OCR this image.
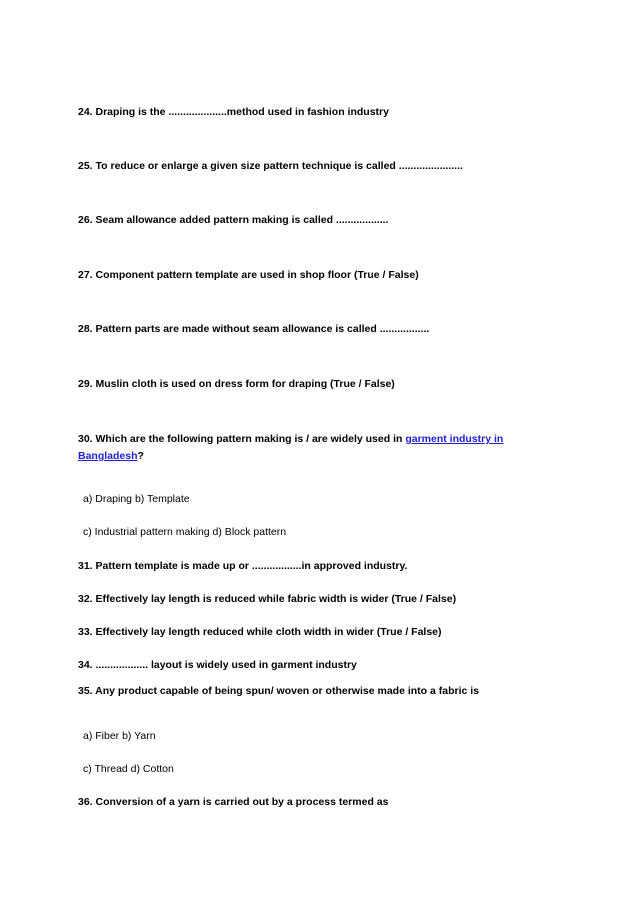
24. Draping is the ....................method used in fashion industry
25. To reduce or enlarge a given size pattern technique is called ......................
26. Seam allowance added pattern making is called ..................
27. Component pattern template are used in shop floor (True / False)
28. Pattern parts are made without seam allowance is called .................
29. Muslin cloth is used on dress form for draping (True / False)
30. Which are the following pattern making is / are widely used in garment industry in Bangladesh?
a) Draping b) Template
c) Industrial pattern making d) Block pattern
31. Pattern template is made up or .................in approved industry.
32. Effectively lay length is reduced while fabric width is wider (True / False)
33. Effectively lay length reduced while cloth width in wider (True / False)
34. .................. layout is widely used in garment industry
35. Any product capable of being spun/ woven or otherwise made into a fabric is
a) Fiber b) Yarn
c) Thread d) Cotton
36. Conversion of a yarn is carried out by a process termed as
